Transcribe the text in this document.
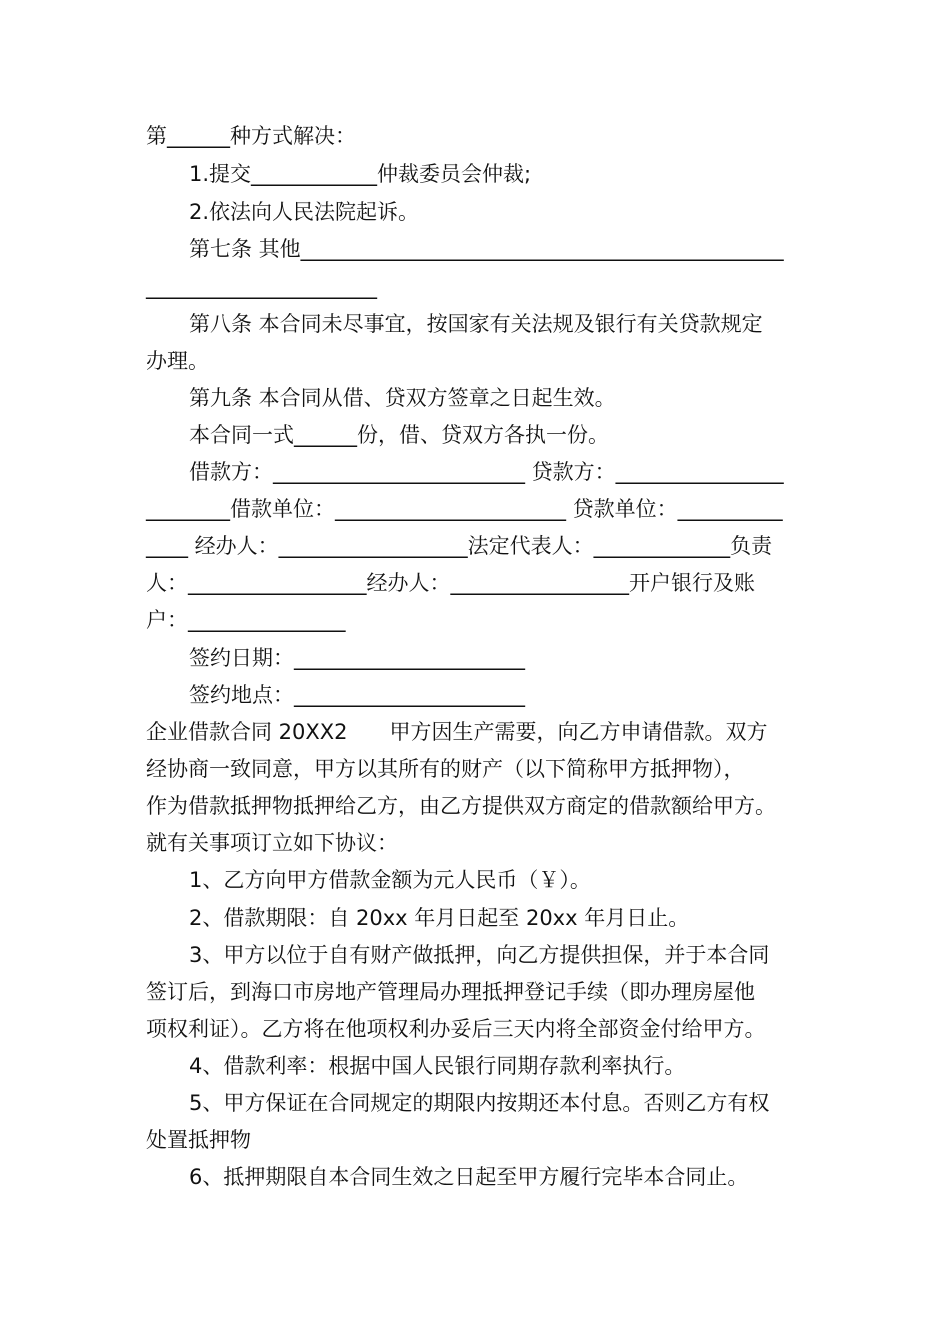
第______种方式解决：
1.提交____________仲裁委员会仲裁;
2.依法向人民法院起诉。
第七条 其他______________________________________________
______________________
第八条 本合同未尽事宜，按国家有关法规及银行有关贷款规定
办理。
第九条 本合同从借、贷双方签章之日起生效。
本合同一式______份，借、贷双方各执一份。
借款方：________________________ 贷款方：________________
________借款单位：______________________ 贷款单位：__________
____ 经办人：__________________法定代表人：_____________负责
人：_________________经办人：_________________开户银行及账
户：_______________
签约日期：______________________
签约地点：______________________
企业借款合同 20XX2　　甲方因生产需要，向乙方申请借款。双方
经协商一致同意，甲方以其所有的财产（以下简称甲方抵押物），
作为借款抵押物抵押给乙方，由乙方提供双方商定的借款额给甲方。
就有关事项订立如下协议：
1、乙方向甲方借款金额为元人民币（￥）。
2、借款期限：自 20xx 年月日起至 20xx 年月日止。
3、甲方以位于自有财产做抵押，向乙方提供担保，并于本合同
签订后，到海口市房地产管理局办理抵押登记手续（即办理房屋他
项权利证）。乙方将在他项权利办妥后三天内将全部资金付给甲方。
4、借款利率：根据中国人民银行同期存款利率执行。
5、甲方保证在合同规定的期限内按期还本付息。否则乙方有权
处置抵押物
6、抵押期限自本合同生效之日起至甲方履行完毕本合同止。
